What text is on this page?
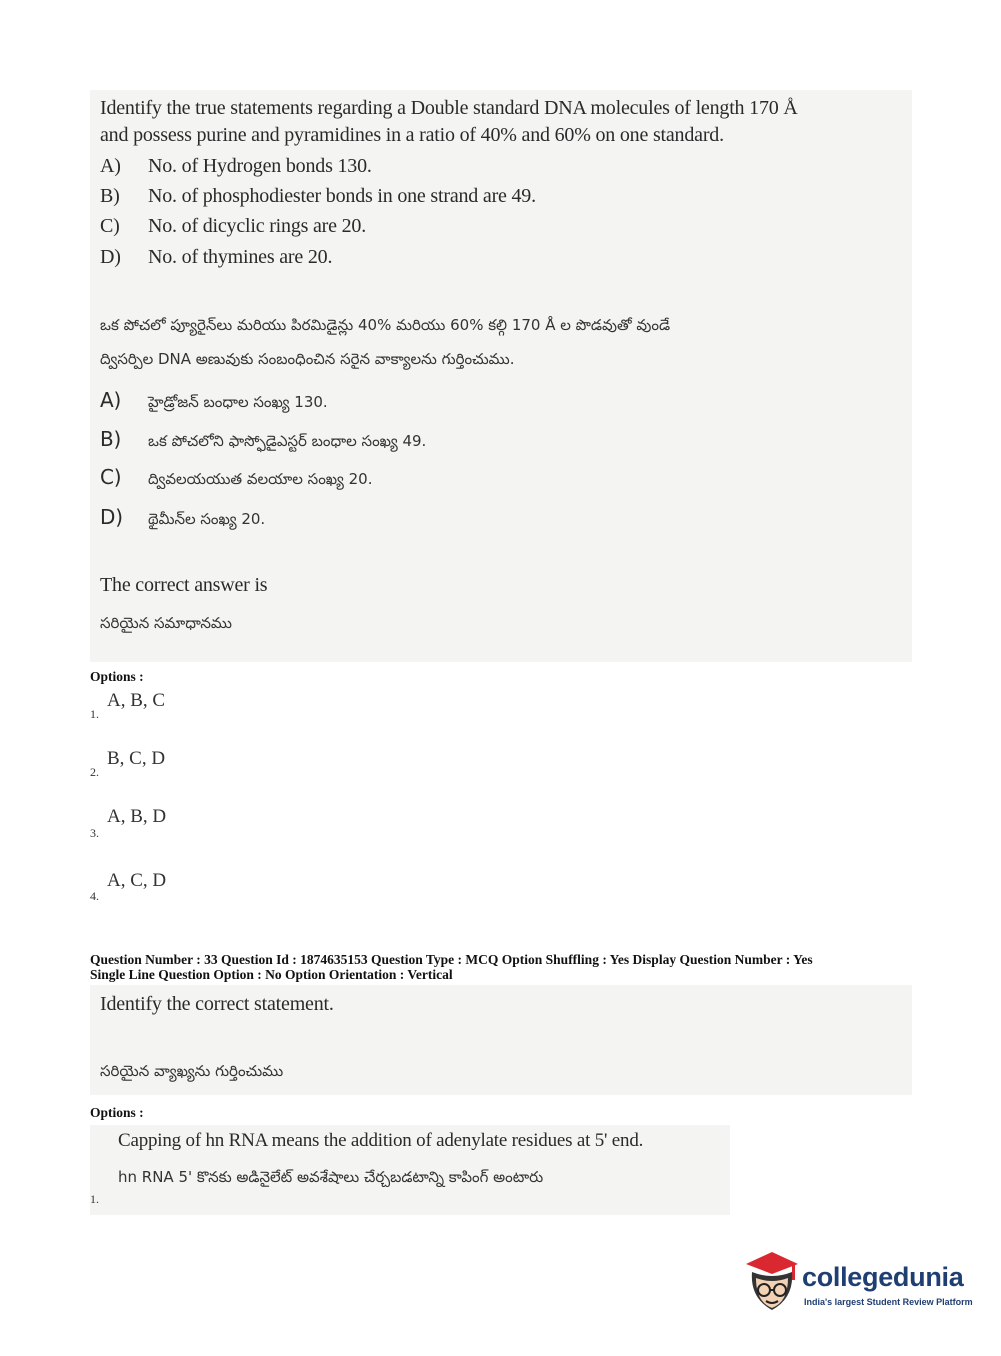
Identify the true statements regarding a Double standard DNA molecules of length 170 Å
and possess purine and pyramidines in a ratio of 40% and 60% on one standard.
A) No. of Hydrogen bonds 130.
B) No. of phosphodiester bonds in one strand are 49.
C) No. of dicyclic rings are 20.
D) No. of thymines are 20.
ఒక పోచలో ప్యూరైన్‌లు మరియు పిరమిడైన్లు 40% మరియు 60% కల్గి 170 Å ల పొడవుతో వుండే
ద్విసర్పిల DNA అణువుకు సంబంధించిన సరైన వాక్యాలను గుర్తించుము.
A) హైడ్రోజన్ బంధాల సంఖ్య 130.
B) ఒక పోచలోని ఫాస్ఫోడైఎస్టర్ బంధాల సంఖ్య 49.
C) ద్వివలయయుత వలయాల సంఖ్య 20.
D) థైమీన్‌ల సంఖ్య 20.
The correct answer is
సరియైన సమాధానము
Options :
$_{1.}$ A, B, C
$_{2.}$ B, C, D
$_{3.}$ A, B, D
$_{4.}$ A, C, D
Question Number : 33 Question Id : 1874635153 Question Type : MCQ Option Shuffling : Yes Display Question Number : Yes
Single Line Question Option : No Option Orientation : Vertical
Identify the correct statement.
సరియైన వ్యాఖ్యను గుర్తించుము
Options :
Capping of hn RNA means the addition of adenylate residues at 5' end.
hn RNA 5' కొనకు అడినైలేట్ అవశేషాలు చేర్చబడటాన్ని కాపింగ్ అంటారు
1.
collegedunia
India's largest Student Review Platform
